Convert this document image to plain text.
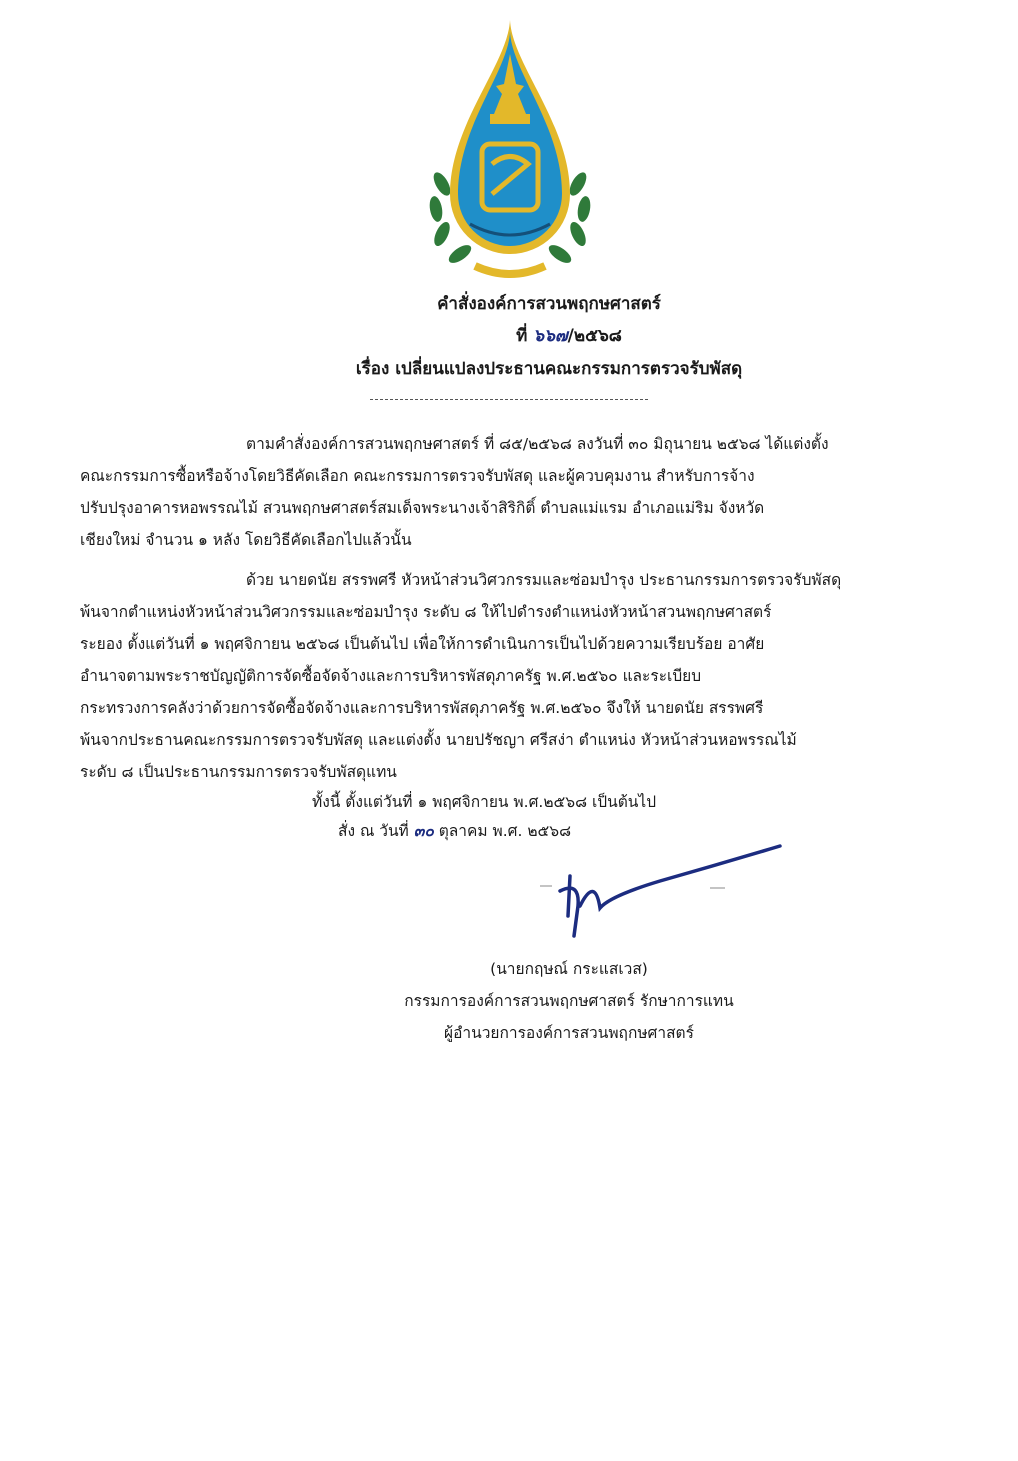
คำสั่งองค์การสวนพฤกษศาสตร์
ที่ ๖๖๗/๒๕๖๘
เรื่อง เปลี่ยนแปลงประธานคณะกรรมการตรวจรับพัสดุ
ตามคำสั่งองค์การสวนพฤกษศาสตร์ ที่ ๘๕/๒๕๖๘ ลงวันที่ ๓๐ มิถุนายน ๒๕๖๘ ได้แต่งตั้ง
คณะกรรมการซื้อหรือจ้างโดยวิธีคัดเลือก คณะกรรมการตรวจรับพัสดุ และผู้ควบคุมงาน สำหรับการจ้าง
ปรับปรุงอาคารหอพรรณไม้ สวนพฤกษศาสตร์สมเด็จพระนางเจ้าสิริกิติ์ ตำบลแม่แรม อำเภอแม่ริม จังหวัด
เชียงใหม่ จำนวน ๑ หลัง โดยวิธีคัดเลือกไปแล้วนั้น
ด้วย นายดนัย สรรพศรี หัวหน้าส่วนวิศวกรรมและซ่อมบำรุง ประธานกรรมการตรวจรับพัสดุ
พ้นจากตำแหน่งหัวหน้าส่วนวิศวกรรมและซ่อมบำรุง ระดับ ๘ ให้ไปดำรงตำแหน่งหัวหน้าสวนพฤกษศาสตร์
ระยอง ตั้งแต่วันที่ ๑ พฤศจิกายน ๒๕๖๘ เป็นต้นไป เพื่อให้การดำเนินการเป็นไปด้วยความเรียบร้อย อาศัย
อำนาจตามพระราชบัญญัติการจัดซื้อจัดจ้างและการบริหารพัสดุภาครัฐ พ.ศ.๒๕๖๐ และระเบียบ
กระทรวงการคลังว่าด้วยการจัดซื้อจัดจ้างและการบริหารพัสดุภาครัฐ พ.ศ.๒๕๖๐ จึงให้ นายดนัย สรรพศรี
พ้นจากประธานคณะกรรมการตรวจรับพัสดุ และแต่งตั้ง นายปรัชญา ศรีสง่า ตำแหน่ง หัวหน้าส่วนหอพรรณไม้
ระดับ ๘ เป็นประธานกรรมการตรวจรับพัสดุแทน
ทั้งนี้ ตั้งแต่วันที่ ๑ พฤศจิกายน พ.ศ.๒๕๖๘ เป็นต้นไป
สั่ง ณ วันที่ ๓๐ ตุลาคม พ.ศ. ๒๕๖๘
(นายกฤษณ์ กระแสเวส)
กรรมการองค์การสวนพฤกษศาสตร์ รักษาการแทน
ผู้อำนวยการองค์การสวนพฤกษศาสตร์
